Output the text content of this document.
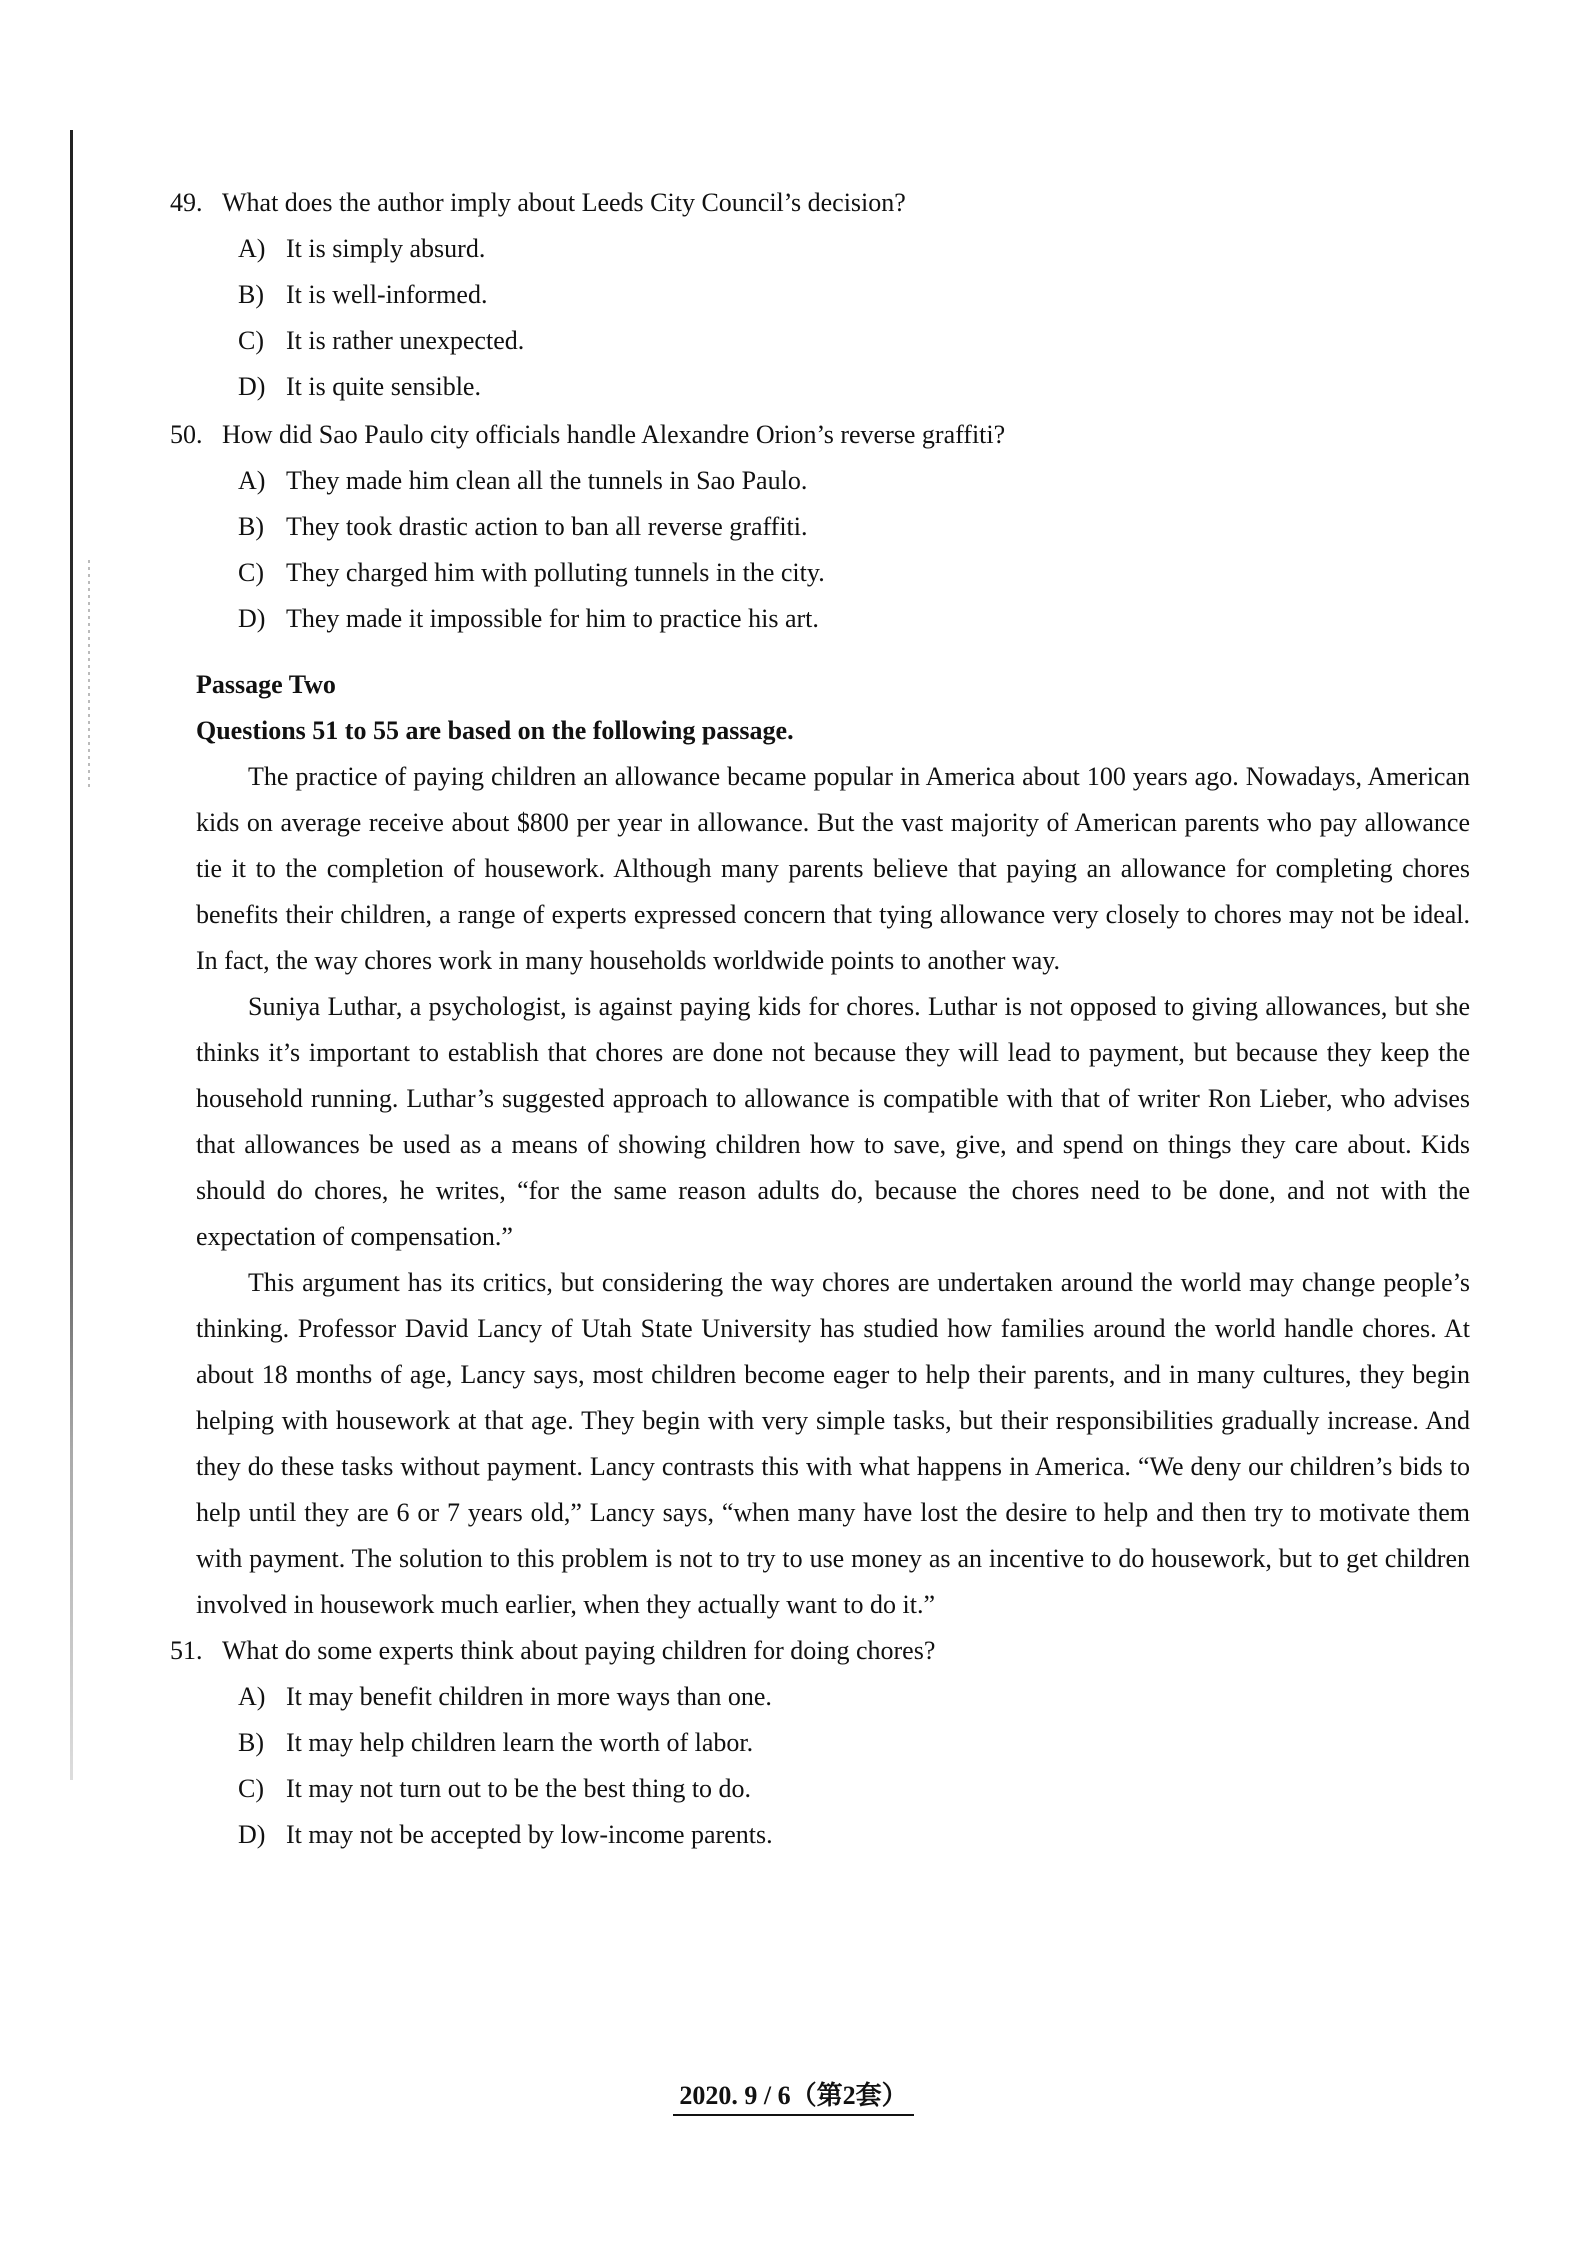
49. What does the author imply about Leeds City Council’s decision?
A) It is simply absurd.
B) It is well-informed.
C) It is rather unexpected.
D) It is quite sensible.
50. How did Sao Paulo city officials handle Alexandre Orion’s reverse graffiti?
A) They made him clean all the tunnels in Sao Paulo.
B) They took drastic action to ban all reverse graffiti.
C) They charged him with polluting tunnels in the city.
D) They made it impossible for him to practice his art.
Passage Two
Questions 51 to 55 are based on the following passage.

The practice of paying children an allowance became popular in America about 100 years ago. Nowadays, American kids on average receive about $800 per year in allowance. But the vast majority of American parents who pay allowance tie it to the completion of housework. Although many parents believe that paying an allowance for completing chores benefits their children, a range of experts expressed concern that tying allowance very closely to chores may not be ideal. In fact, the way chores work in many households worldwide points to another way.

Suniya Luthar, a psychologist, is against paying kids for chores. Luthar is not opposed to giving allowances, but she thinks it’s important to establish that chores are done not because they will lead to payment, but because they keep the household running. Luthar’s suggested approach to allowance is compatible with that of writer Ron Lieber, who advises that allowances be used as a means of showing children how to save, give, and spend on things they care about. Kids should do chores, he writes, “for the same reason adults do, because the chores need to be done, and not with the expectation of compensation.”

This argument has its critics, but considering the way chores are undertaken around the world may change people’s thinking. Professor David Lancy of Utah State University has studied how families around the world handle chores. At about 18 months of age, Lancy says, most children become eager to help their parents, and in many cultures, they begin helping with housework at that age. They begin with very simple tasks, but their responsibilities gradually increase. And they do these tasks without payment. Lancy contrasts this with what happens in America. “We deny our children’s bids to help until they are 6 or 7 years old,” Lancy says, “when many have lost the desire to help and then try to motivate them with payment. The solution to this problem is not to try to use money as an incentive to do housework, but to get children involved in housework much earlier, when they actually want to do it.”

51. What do some experts think about paying children for doing chores?
A) It may benefit children in more ways than one.
B) It may help children learn the worth of labor.
C) It may not turn out to be the best thing to do.
D) It may not be accepted by low-income parents.
2020. 9 / 6（第2套）
